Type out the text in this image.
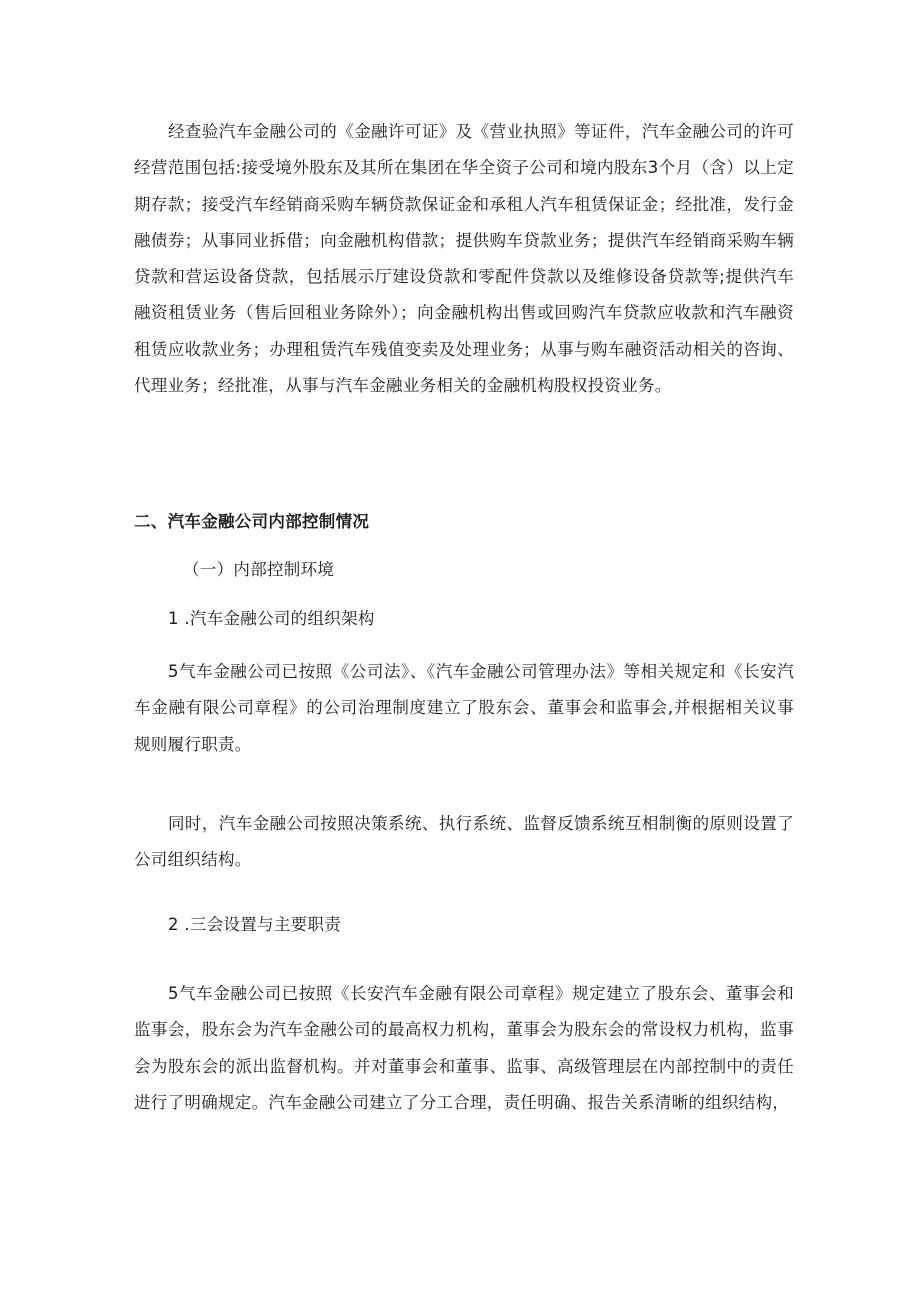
经查验汽车金融公司的《金融许可证》及《营业执照》等证件，汽车金融公司的许可经营范围包括:接受境外股东及其所在集团在华全资子公司和境内股东3个月（含）以上定期存款；接受汽车经销商采购车辆贷款保证金和承租人汽车租赁保证金；经批准，发行金融债券；从事同业拆借；向金融机构借款；提供购车贷款业务；提供汽车经销商采购车辆贷款和营运设备贷款，包括展示厅建设贷款和零配件贷款以及维修设备贷款等;提供汽车融资租赁业务（售后回租业务除外）；向金融机构出售或回购汽车贷款应收款和汽车融资租赁应收款业务；办理租赁汽车残值变卖及处理业务；从事与购车融资活动相关的咨询、代理业务；经批准，从事与汽车金融业务相关的金融机构股权投资业务。

二、汽车金融公司内部控制情况

（一）内部控制环境

1 .汽车金融公司的组织架构

5气车金融公司已按照《公司法》、《汽车金融公司管理办法》等相关规定和《长安汽车金融有限公司章程》的公司治理制度建立了股东会、董事会和监事会,并根据相关议事规则履行职责。

同时，汽车金融公司按照决策系统、执行系统、监督反馈系统互相制衡的原则设置了公司组织结构。

2 .三会设置与主要职责

5气车金融公司已按照《长安汽车金融有限公司章程》规定建立了股东会、董事会和监事会，股东会为汽车金融公司的最高权力机构，董事会为股东会的常设权力机构，监事会为股东会的派出监督机构。并对董事会和董事、监事、高级管理层在内部控制中的责任进行了明确规定。汽车金融公司建立了分工合理，责任明确、报告关系清晰的组织结构，
